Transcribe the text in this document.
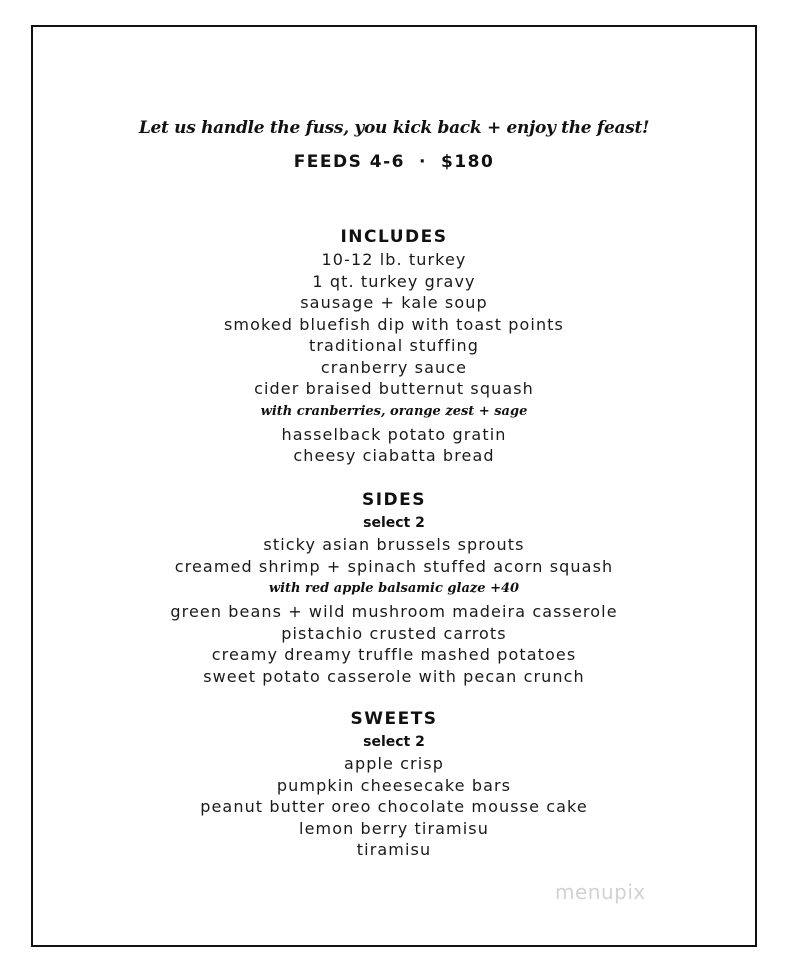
Let us handle the fuss, you kick back + enjoy the feast!
FEEDS 4-6 · $180
INCLUDES
10-12 lb. turkey
1 qt. turkey gravy
sausage + kale soup
smoked bluefish dip with toast points
traditional stuffing
cranberry sauce
cider braised butternut squash
with cranberries, orange zest + sage
hasselback potato gratin
cheesy ciabatta bread
SIDES
select 2
sticky asian brussels sprouts
creamed shrimp + spinach stuffed acorn squash
with red apple balsamic glaze +40
green beans + wild mushroom madeira casserole
pistachio crusted carrots
creamy dreamy truffle mashed potatoes
sweet potato casserole with pecan crunch
SWEETS
select 2
apple crisp
pumpkin cheesecake bars
peanut butter oreo chocolate mousse cake
lemon berry tiramisu
tiramisu
menupix
